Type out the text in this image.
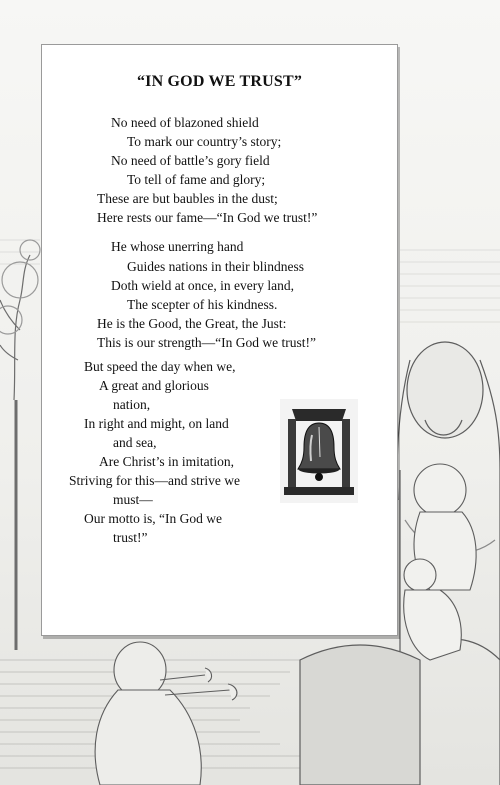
“IN GOD WE TRUST”
No need of blazoned shield
To mark our country’s story;
No need of battle’s gory field
To tell of fame and glory;
These are but baubles in the dust;
Here rests our fame—“In God we trust!”
He whose unerring hand
Guides nations in their blindness
Doth wield at once, in every land,
The scepter of his kindness.
He is the Good, the Great, the Just:
This is our strength—“In God we trust!”
But speed the day when we,
A great and glorious
nation,
In right and might, on land
and sea,
Are Christ’s in imitation,
Striving for this—and strive we
must—
Our motto is, “In God we
trust!”
